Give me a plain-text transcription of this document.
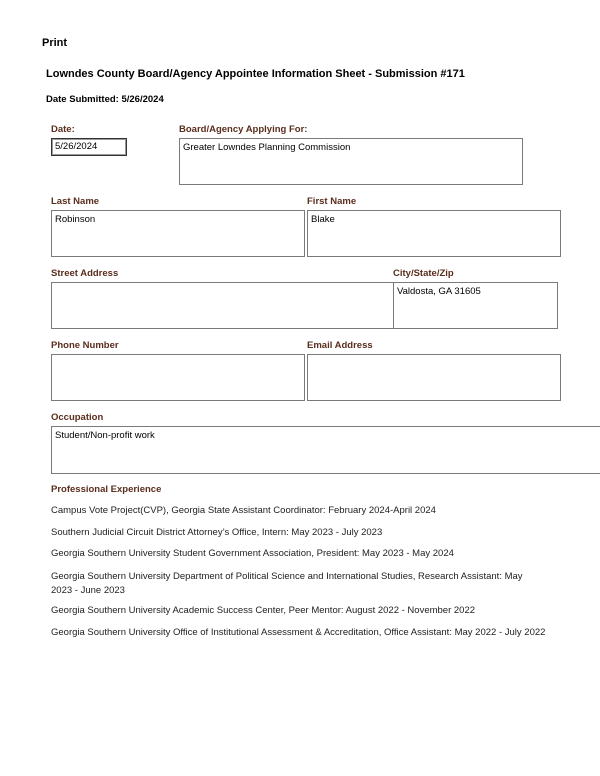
Print
Lowndes County Board/Agency Appointee Information Sheet - Submission #171
Date Submitted: 5/26/2024
Date:
5/26/2024
Board/Agency Applying For:
Greater Lowndes Planning Commission
Last Name
Robinson
First Name
Blake
Street Address	City/State/Zip
Valdosta, GA 31605
Phone Number	Email Address
Occupation
Student/Non-profit work
Professional Experience
Campus Vote Project(CVP), Georgia State Assistant Coordinator: February 2024-April 2024
Southern Judicial Circuit District Attorney’s Office, Intern: May 2023 - July 2023
Georgia Southern University Student Government Association, President: May 2023 - May 2024
Georgia Southern University Department of Political Science and International Studies, Research Assistant: May 2023 - June 2023
Georgia Southern University Academic Success Center, Peer Mentor: August 2022 - November 2022
Georgia Southern University Office of Institutional Assessment & Accreditation, Office Assistant: May 2022 - July 2022
